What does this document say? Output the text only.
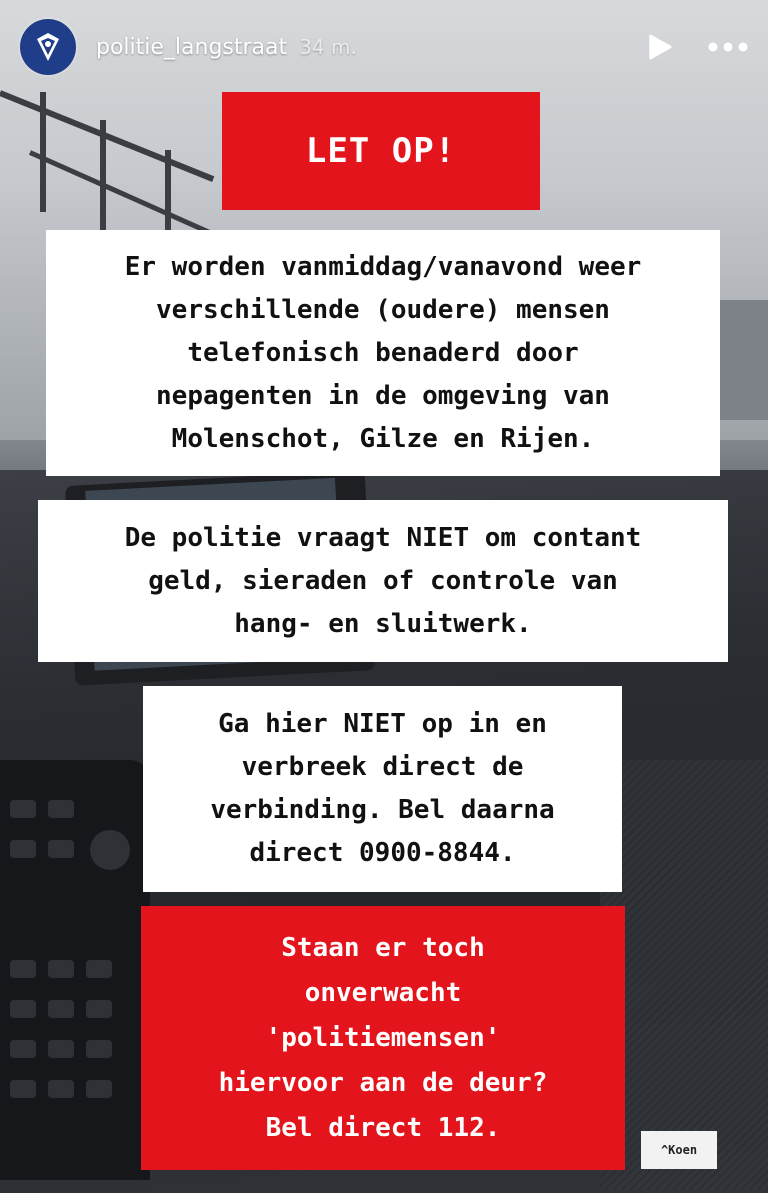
politie_langstraat 34 m.
LET OP!
Er worden vanmiddag/vanavond weer
verschillende (oudere) mensen
telefonisch benaderd door
nepagenten in de omgeving van
Molenschot, Gilze en Rijen.
De politie vraagt NIET om contant
geld, sieraden of controle van
hang- en sluitwerk.
Ga hier NIET op in en
verbreek direct de
verbinding. Bel daarna
direct 0900-8844.
Staan er toch
onverwacht
'politiemensen'
hiervoor aan de deur?
Bel direct 112.
^Koen
